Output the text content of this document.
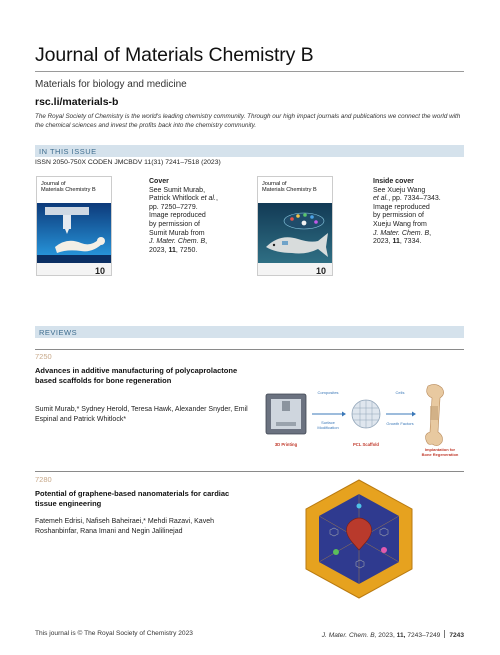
Journal of Materials Chemistry B
Materials for biology and medicine
rsc.li/materials-b

The Royal Society of Chemistry is the world's leading chemistry community. Through our high impact journals and publications we connect the world with the chemical sciences and invest the profits back into the chemistry community.

IN THIS ISSUE
ISSN 2050-750X CODEN JMCBDV 11(31) 7241–7518 (2023)
Journal of
Materials Chemistry B
10
Cover
See Sumit Murab,
Patrick Whitlock et al.,
pp. 7250–7279.
Image reproduced
by permission of
Sumit Murab from
J. Mater. Chem. B,
2023, 11, 7250.
Journal of
Materials Chemistry B
10
Inside cover
See Xueju Wang
et al., pp. 7334–7343.
Image reproduced
by permission of
Xueju Wang from
J. Mater. Chem. B,
2023, 11, 7334.
REVIEWS
7250
Advances in additive manufacturing of polycaprolactone based scaffolds for bone regeneration
Sumit Murab,* Sydney Herold, Teresa Hawk, Alexander Snyder, Emil Espinal and Patrick Whitlock*
3D Printing
Composites
Surface
Modification
PCL Scaffold
Cells
Growth Factors
Implantation for
Bone Regeneration
7280
Potential of graphene-based nanomaterials for cardiac tissue engineering
Fatemeh Edrisi, Nafiseh Baheiraei,* Mehdi Razavi, Kaveh Roshanbinfar, Rana Imani and Negin Jalilinejad
This journal is © The Royal Society of Chemistry 2023	J. Mater. Chem. B, 2023, 11, 7243–7249 7243
